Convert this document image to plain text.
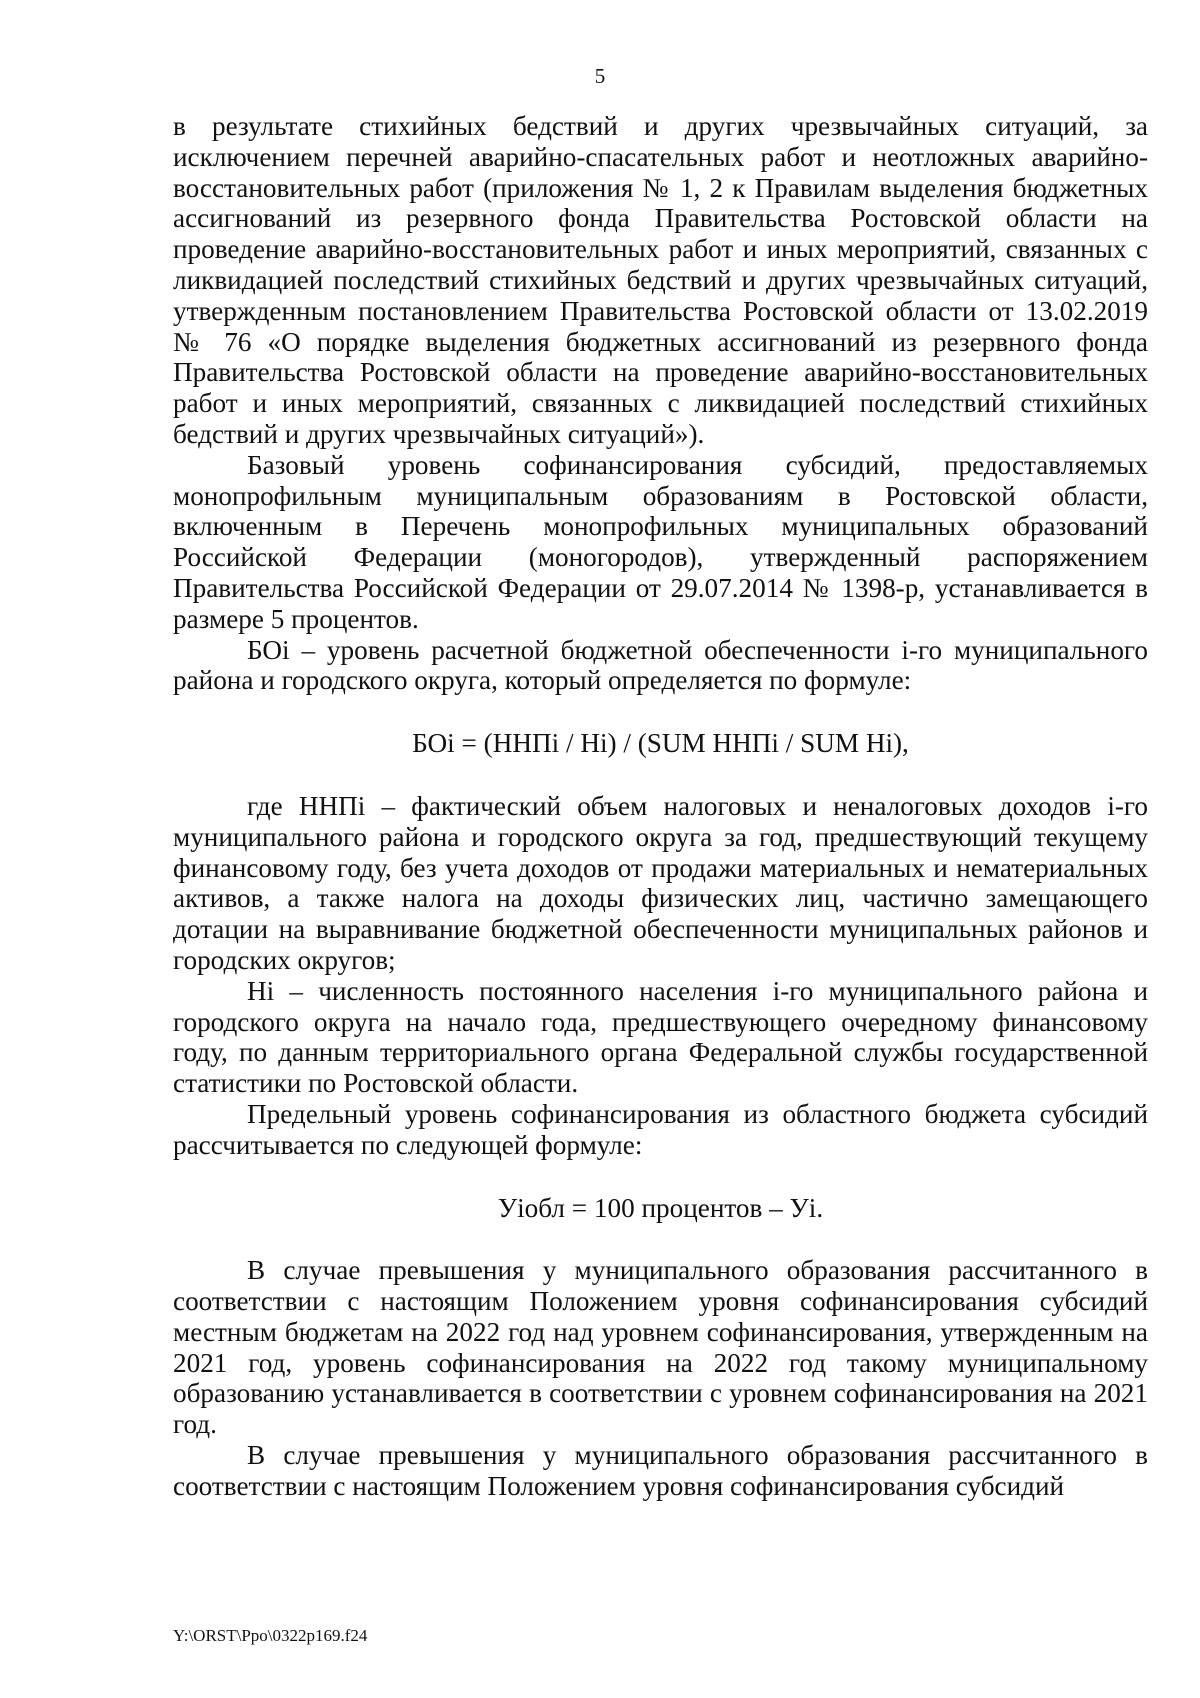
5

в результате стихийных бедствий и других чрезвычайных ситуаций, за исключением перечней аварийно-спасательных работ и неотложных аварийно-восстановительных работ (приложения № 1, 2 к Правилам выделения бюджетных ассигнований из резервного фонда Правительства Ростовской области на проведение аварийно-восстановительных работ и иных мероприятий, связанных с ликвидацией последствий стихийных бедствий и других чрезвычайных ситуаций, утвержденным постановлением Правительства Ростовской области от 13.02.2019 № 76 «О порядке выделения бюджетных ассигнований из резервного фонда Правительства Ростовской области на проведение аварийно-восстановительных работ и иных мероприятий, связанных с ликвидацией последствий стихийных бедствий и других чрезвычайных ситуаций»).

Базовый уровень софинансирования субсидий, предоставляемых монопрофильным муниципальным образованиям в Ростовской области, включенным в Перечень монопрофильных муниципальных образований Российской Федерации (моногородов), утвержденный распоряжением Правительства Российской Федерации от 29.07.2014 № 1398-р, устанавливается в размере 5 процентов.

БОi – уровень расчетной бюджетной обеспеченности i-го муниципального района и городского округа, который определяется по формуле:

БОi = (ННПi / Нi) / (SUM ННПi / SUM Нi),

где ННПi – фактический объем налоговых и неналоговых доходов i-го муниципального района и городского округа за год, предшествующий текущему финансовому году, без учета доходов от продажи материальных и нематериальных активов, а также налога на доходы физических лиц, частично замещающего дотации на выравнивание бюджетной обеспеченности муниципальных районов и городских округов;

Нi – численность постоянного населения i-го муниципального района и городского округа на начало года, предшествующего очередному финансовому году, по данным территориального органа Федеральной службы государственной статистики по Ростовской области.

Предельный уровень софинансирования из областного бюджета субсидий рассчитывается по следующей формуле:

Уiобл = 100 процентов – Уi.

В случае превышения у муниципального образования рассчитанного в соответствии с настоящим Положением уровня софинансирования субсидий местным бюджетам на 2022 год над уровнем софинансирования, утвержденным на 2021 год, уровень софинансирования на 2022 год такому муниципальному образованию устанавливается в соответствии с уровнем софинансирования на 2021 год.

В случае превышения у муниципального образования рассчитанного в соответствии с настоящим Положением уровня софинансирования субсидий

Y:\ORST\Ppo\0322p169.f24
